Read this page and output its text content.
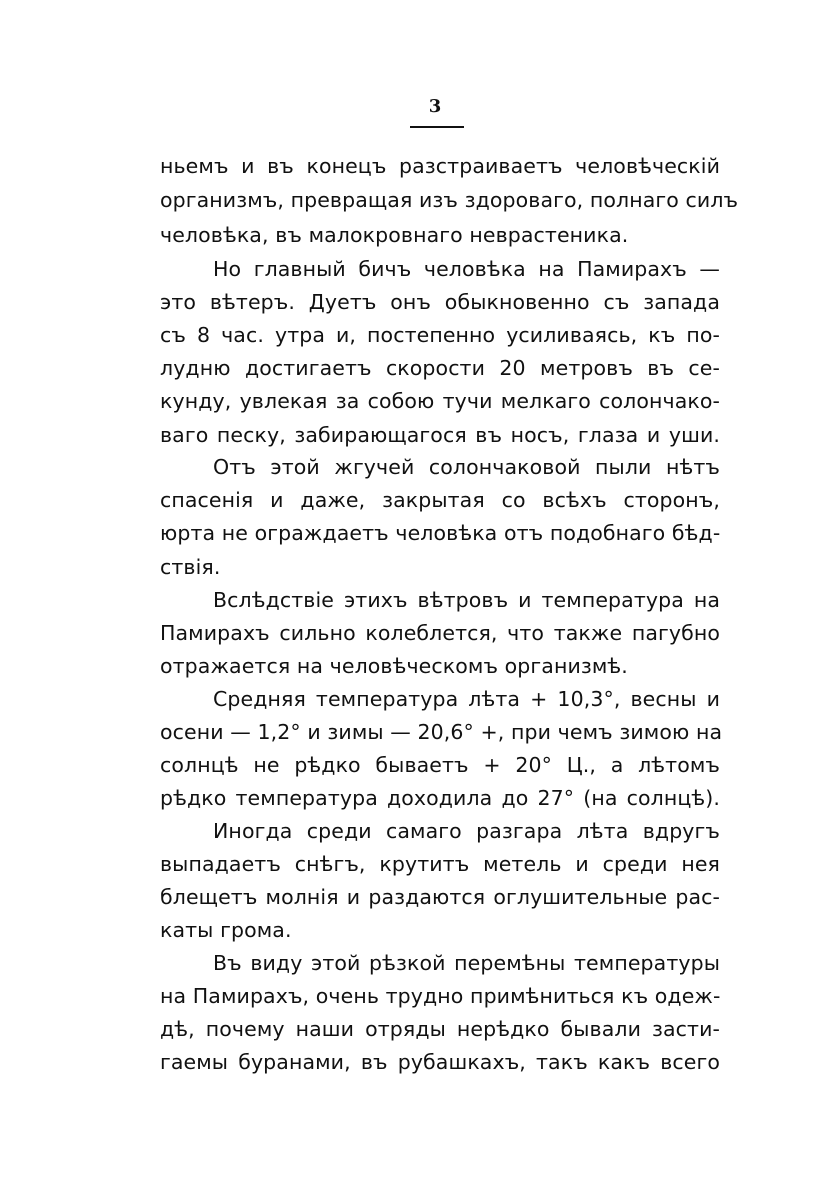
3
ньемъ и въ конецъ разстраиваетъ человѣческій
организмъ, превращая изъ здороваго, полнаго силъ
человѣка, въ малокровнаго неврастеника.
Но главный бичъ человѣка на Памирахъ —
это вѣтеръ. Дуетъ онъ обыкновенно съ запада
съ 8 час. утра и, постепенно усиливаясь, къ по-
лудню достигаетъ скорости 20 метровъ въ се-
кунду, увлекая за собою тучи мелкаго солончако-
ваго песку, забирающагося въ носъ, глаза и уши.
Отъ этой жгучей солончаковой пыли нѣтъ
спасенія и даже, закрытая со всѣхъ сторонъ,
юрта не ограждаетъ человѣка отъ подобнаго бѣд-
ствія.
Вслѣдствіе этихъ вѣтровъ и температура на
Памирахъ сильно колеблется, что также пагубно
отражается на человѣческомъ организмѣ.
Средняя температура лѣта + 10,3°, весны и
осени — 1,2° и зимы — 20,6° +, при чемъ зимою на
солнцѣ не рѣдко бываетъ + 20° Ц., а лѣтомъ
рѣдко температура доходила до 27° (на солнцѣ).
Иногда среди самаго разгара лѣта вдругъ
выпадаетъ снѣгъ, крутитъ метель и среди нея
блещетъ молнія и раздаются оглушительные рас-
каты грома.
Въ виду этой рѣзкой перемѣны температуры
на Памирахъ, очень трудно примѣниться къ одеж-
дѣ, почему наши отряды нерѣдко бывали засти-
гаемы буранами, въ рубашкахъ, такъ какъ всего
